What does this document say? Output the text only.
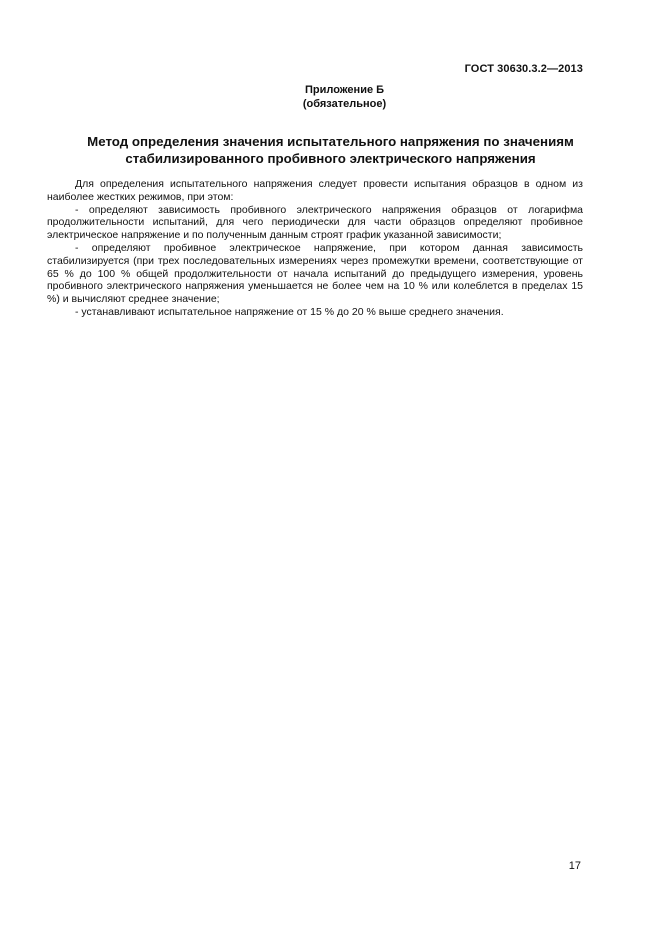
ГОСТ 30630.3.2—2013
Приложение Б
(обязательное)
Метод определения значения испытательного напряжения по значениям
стабилизированного пробивного электрического напряжения

Для определения испытательного напряжения следует провести испытания образцов в одном из наиболее жестких режимов, при этом:

- определяют зависимость пробивного электрического напряжения образцов от логарифма продолжительности испытаний, для чего периодически для части образцов определяют пробивное электрическое напряжение и по полученным данным строят график указанной зависимости;

- определяют пробивное электрическое напряжение, при котором данная зависимость стабилизируется (при трех последовательных измерениях через промежутки времени, соответствующие от 65 % до 100 % общей продолжительности от начала испытаний до предыдущего измерения, уровень пробивного электрического напряжения уменьшается не более чем на 10 % или колеблется в пределах 15 %) и вычисляют среднее значение;

- устанавливают испытательное напряжение от 15 % до 20 % выше среднего значения.

17
